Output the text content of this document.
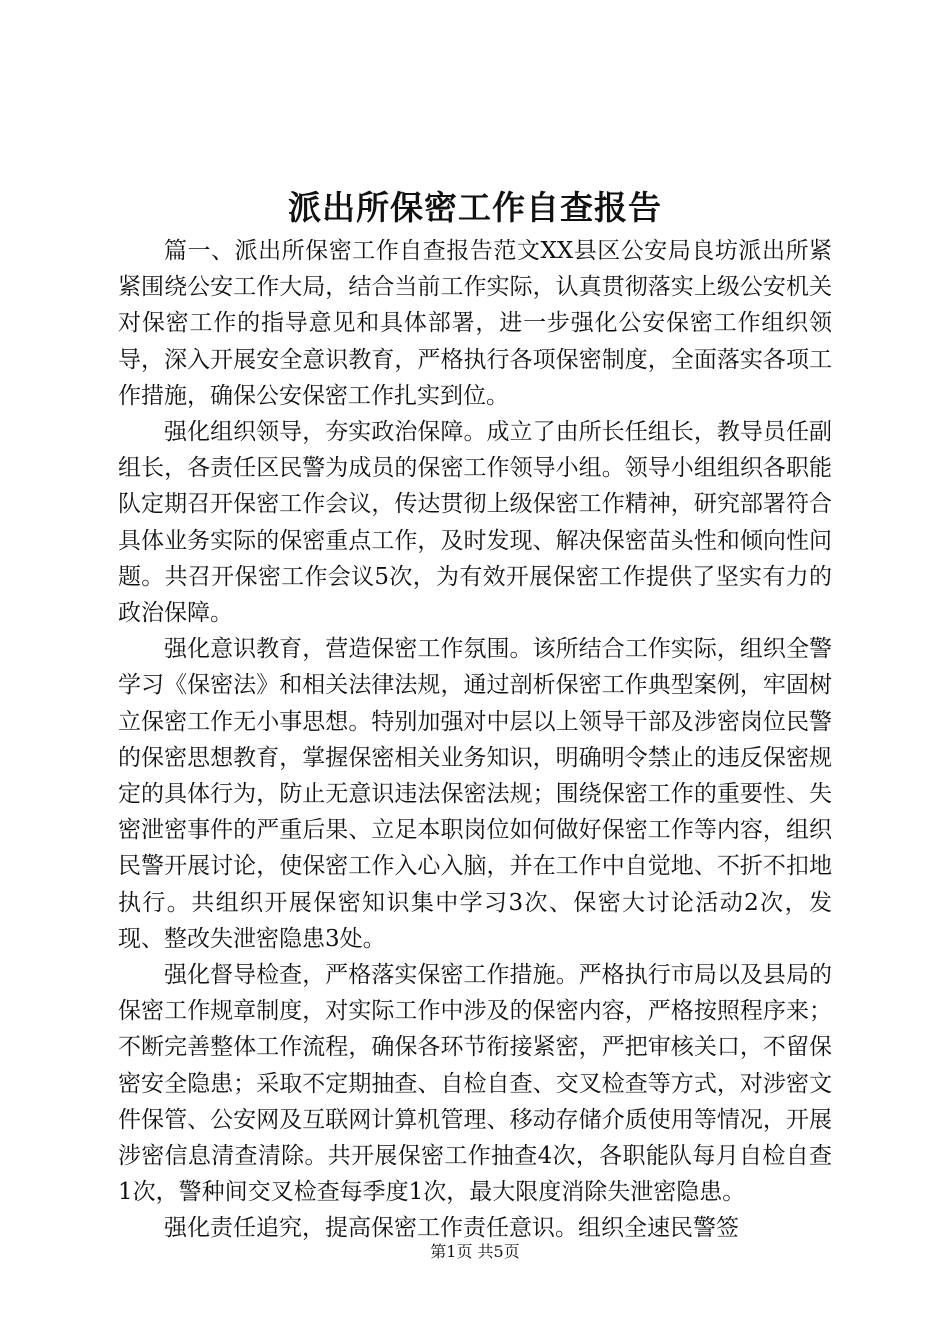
派出所保密工作自查报告

篇一、派出所保密工作自查报告范文XX县区公安局良坊派出所紧紧围绕公安工作大局，结合当前工作实际，认真贯彻落实上级公安机关对保密工作的指导意见和具体部署，进一步强化公安保密工作组织领导，深入开展安全意识教育，严格执行各项保密制度，全面落实各项工作措施，确保公安保密工作扎实到位。

强化组织领导，夯实政治保障。成立了由所长任组长，教导员任副组长，各责任区民警为成员的保密工作领导小组。领导小组组织各职能队定期召开保密工作会议，传达贯彻上级保密工作精神，研究部署符合具体业务实际的保密重点工作，及时发现、解决保密苗头性和倾向性问题。共召开保密工作会议5次，为有效开展保密工作提供了坚实有力的政治保障。

强化意识教育，营造保密工作氛围。该所结合工作实际，组织全警学习《保密法》和相关法律法规，通过剖析保密工作典型案例，牢固树立保密工作无小事思想。特别加强对中层以上领导干部及涉密岗位民警的保密思想教育，掌握保密相关业务知识，明确明令禁止的违反保密规定的具体行为，防止无意识违法保密法规；围绕保密工作的重要性、失密泄密事件的严重后果、立足本职岗位如何做好保密工作等内容，组织民警开展讨论，使保密工作入心入脑，并在工作中自觉地、不折不扣地执行。共组织开展保密知识集中学习3次、保密大讨论活动2次，发现、整改失泄密隐患3处。

强化督导检查，严格落实保密工作措施。严格执行市局以及县局的保密工作规章制度，对实际工作中涉及的保密内容，严格按照程序来；不断完善整体工作流程，确保各环节衔接紧密，严把审核关口，不留保密安全隐患；采取不定期抽查、自检自查、交叉检查等方式，对涉密文件保管、公安网及互联网计算机管理、移动存储介质使用等情况，开展涉密信息清查清除。共开展保密工作抽查4次，各职能队每月自检自查1次，警种间交叉检查每季度1次，最大限度消除失泄密隐患。

强化责任追究，提高保密工作责任意识。组织全速民警签

第1页 共5页
